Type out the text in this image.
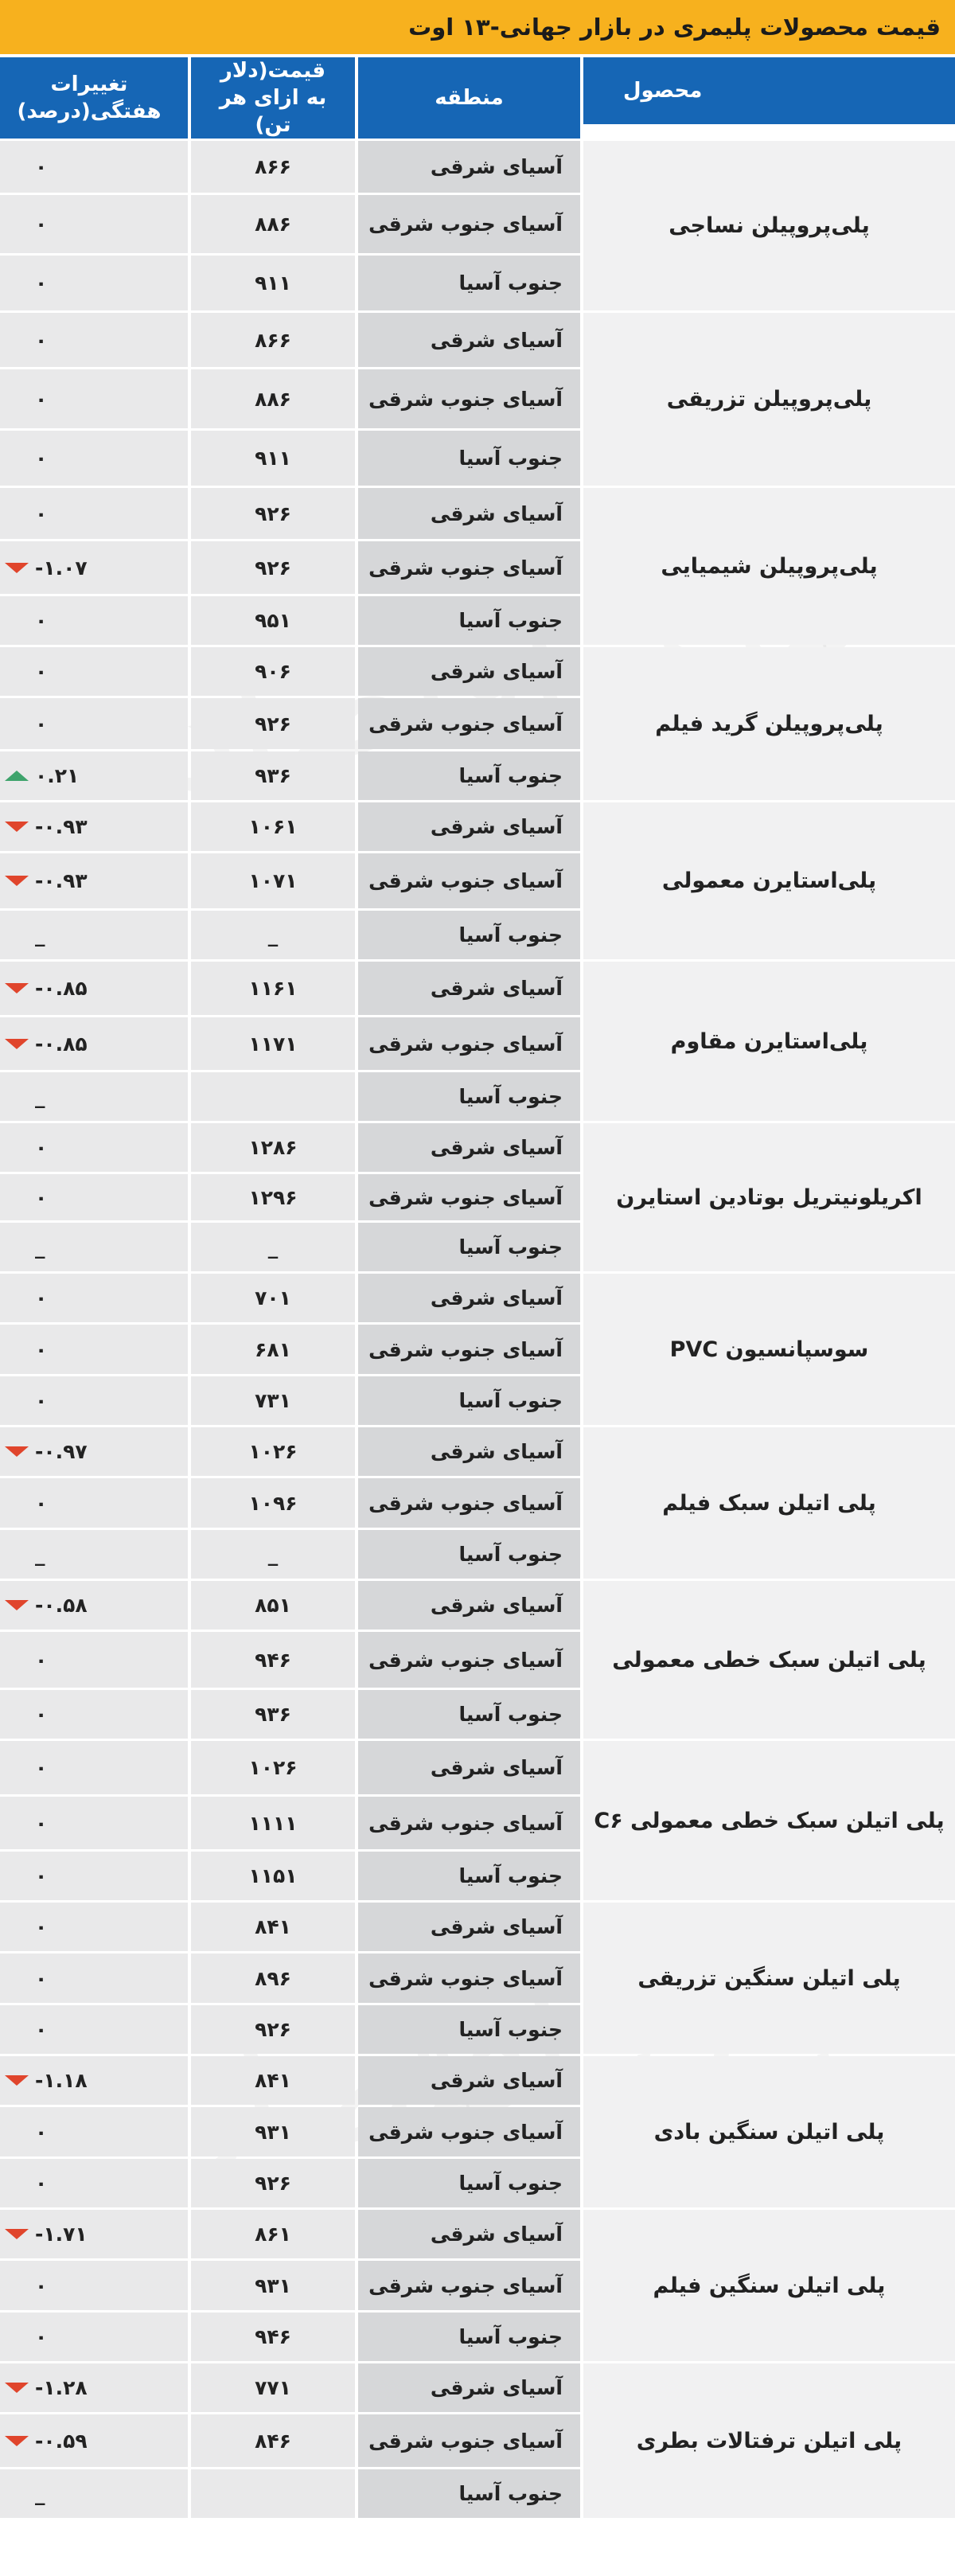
قیمت محصولات پلیمری در بازار جهانی-۱۳ اوت
محصول
منطقه
قیمت(دلار به ازای هر تن)
تغییرات هفتگی(درصد)
پلی‌پروپیلن نساجی
آسیای شرقی
۸۶۶
۰
آسیای جنوب شرقی
۸۸۶
۰
جنوب آسیا
۹۱۱
۰
پلی‌پروپیلن تزریقی
آسیای شرقی
۸۶۶
۰
آسیای جنوب شرقی
۸۸۶
۰
جنوب آسیا
۹۱۱
۰
پلی‌پروپیلن شیمیایی
آسیای شرقی
۹۲۶
۰
آسیای جنوب شرقی
۹۲۶
-۱.۰۷
جنوب آسیا
۹۵۱
۰
پلی‌پروپیلن گرید فیلم
آسیای شرقی
۹۰۶
۰
آسیای جنوب شرقی
۹۲۶
۰
جنوب آسیا
۹۳۶
۰.۲۱
پلی‌استایرن معمولی
آسیای شرقی
۱۰۶۱
-۰.۹۳
آسیای جنوب شرقی
۱۰۷۱
-۰.۹۳
جنوب آسیا
_
_
پلی‌استایرن مقاوم
آسیای شرقی
۱۱۶۱
-۰.۸۵
آسیای جنوب شرقی
۱۱۷۱
-۰.۸۵
جنوب آسیا
_
اکریلونیتریل بوتادین استایرن
آسیای شرقی
۱۲۸۶
۰
آسیای جنوب شرقی
۱۲۹۶
۰
جنوب آسیا
_
_
سوسپانسیون PVC
آسیای شرقی
۷۰۱
۰
آسیای جنوب شرقی
۶۸۱
۰
جنوب آسیا
۷۳۱
۰
پلی اتیلن سبک فیلم
آسیای شرقی
۱۰۲۶
-۰.۹۷
آسیای جنوب شرقی
۱۰۹۶
۰
جنوب آسیا
_
_
پلی اتیلن سبک خطی معمولی
آسیای شرقی
۸۵۱
-۰.۵۸
آسیای جنوب شرقی
۹۴۶
۰
جنوب آسیا
۹۳۶
۰
پلی اتیلن سبک خطی معمولی C۶
آسیای شرقی
۱۰۲۶
۰
آسیای جنوب شرقی
۱۱۱۱
۰
جنوب آسیا
۱۱۵۱
۰
پلی اتیلن سنگین تزریقی
آسیای شرقی
۸۴۱
۰
آسیای جنوب شرقی
۸۹۶
۰
جنوب آسیا
۹۲۶
۰
پلی اتیلن سنگین بادی
آسیای شرقی
۸۴۱
-۱.۱۸
آسیای جنوب شرقی
۹۳۱
۰
جنوب آسیا
۹۲۶
۰
پلی اتیلن سنگین فیلم
آسیای شرقی
۸۶۱
-۱.۷۱
آسیای جنوب شرقی
۹۳۱
۰
جنوب آسیا
۹۴۶
۰
پلی اتیلن ترفتالات بطری
آسیای شرقی
۷۷۱
-۱.۲۸
آسیای جنوب شرقی
۸۴۶
-۰.۵۹
جنوب آسیا
_
